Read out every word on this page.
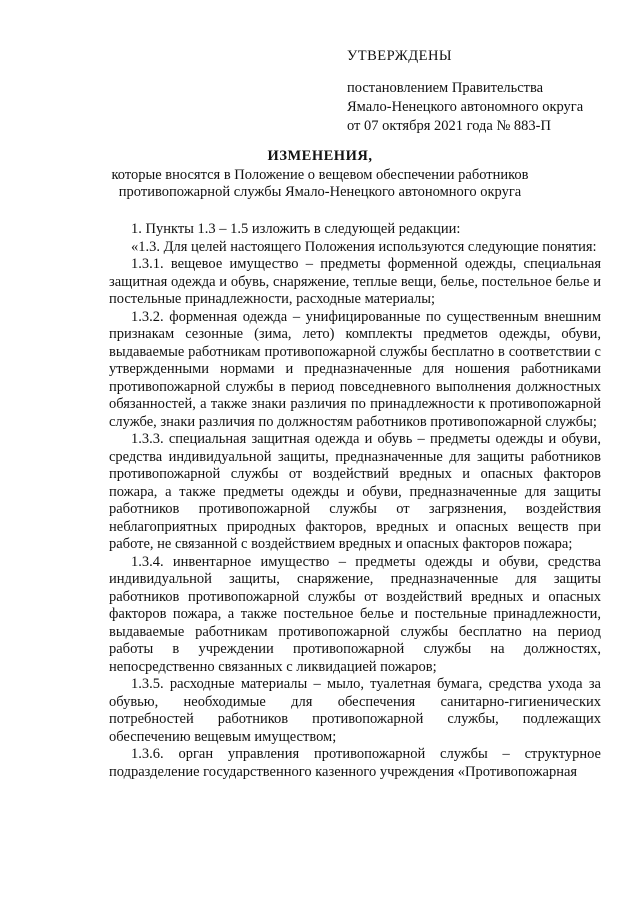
УТВЕРЖДЕНЫ
постановлением Правительства
Ямало-Ненецкого автономного округа
от 07 октября 2021 года № 883-П
ИЗМЕНЕНИЯ,
которые вносятся в Положение о вещевом обеспечении работников
противопожарной службы Ямало-Ненецкого автономного округа

1. Пункты 1.3 – 1.5 изложить в следующей редакции:

«1.3. Для целей настоящего Положения используются следующие понятия:

1.3.1. вещевое имущество – предметы форменной одежды, специальная защитная одежда и обувь, снаряжение, теплые вещи, белье, постельное белье и постельные принадлежности, расходные материалы;

1.3.2. форменная одежда – унифицированные по существенным внешним признакам сезонные (зима, лето) комплекты предметов одежды, обуви, выдаваемые работникам противопожарной службы бесплатно в соответствии с утвержденными нормами и предназначенные для ношения работниками противопожарной службы в период повседневного выполнения должностных обязанностей, а также знаки различия по принадлежности к противопожарной службе, знаки различия по должностям работников противопожарной службы;

1.3.3. специальная защитная одежда и обувь – предметы одежды и обуви, средства индивидуальной защиты, предназначенные для защиты работников противопожарной службы от воздействий вредных и опасных факторов пожара, а также предметы одежды и обуви, предназначенные для защиты работников противопожарной службы от загрязнения, воздействия неблагоприятных природных факторов, вредных и опасных веществ при работе, не связанной с воздействием вредных и опасных факторов пожара;

1.3.4. инвентарное имущество – предметы одежды и обуви, средства индивидуальной защиты, снаряжение, предназначенные для защиты работников противопожарной службы от воздействий вредных и опасных факторов пожара, а также постельное белье и постельные принадлежности, выдаваемые работникам противопожарной службы бесплатно на период работы в учреждении противопожарной службы на должностях, непосредственно связанных с ликвидацией пожаров;

1.3.5. расходные материалы – мыло, туалетная бумага, средства ухода за обувью, необходимые для обеспечения санитарно-гигиенических потребностей работников противопожарной службы, подлежащих обеспечению вещевым имуществом;

1.3.6. орган управления противопожарной службы – структурное подразделение государственного казенного учреждения «Противопожарная
